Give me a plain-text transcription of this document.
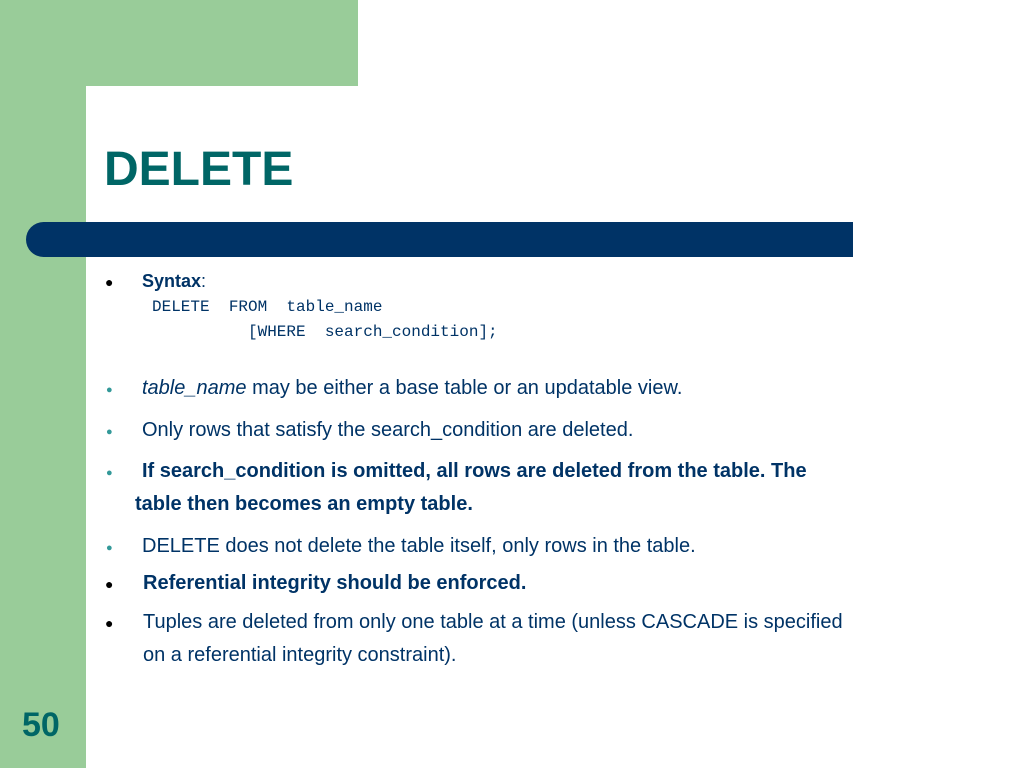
DELETE
● Syntax:
DELETE  FROM  table_name
[WHERE  search_condition];
● table_name may be either a base table or an updatable view.
● Only rows that satisfy the search_condition are deleted.
● If search_condition is omitted, all rows are deleted from the table. The
table then becomes an empty table.
● DELETE does not delete the table itself, only rows in the table.
● Referential integrity should be enforced.
● Tuples are deleted from only one table at a time (unless CASCADE is specified
on a referential integrity constraint).
50
